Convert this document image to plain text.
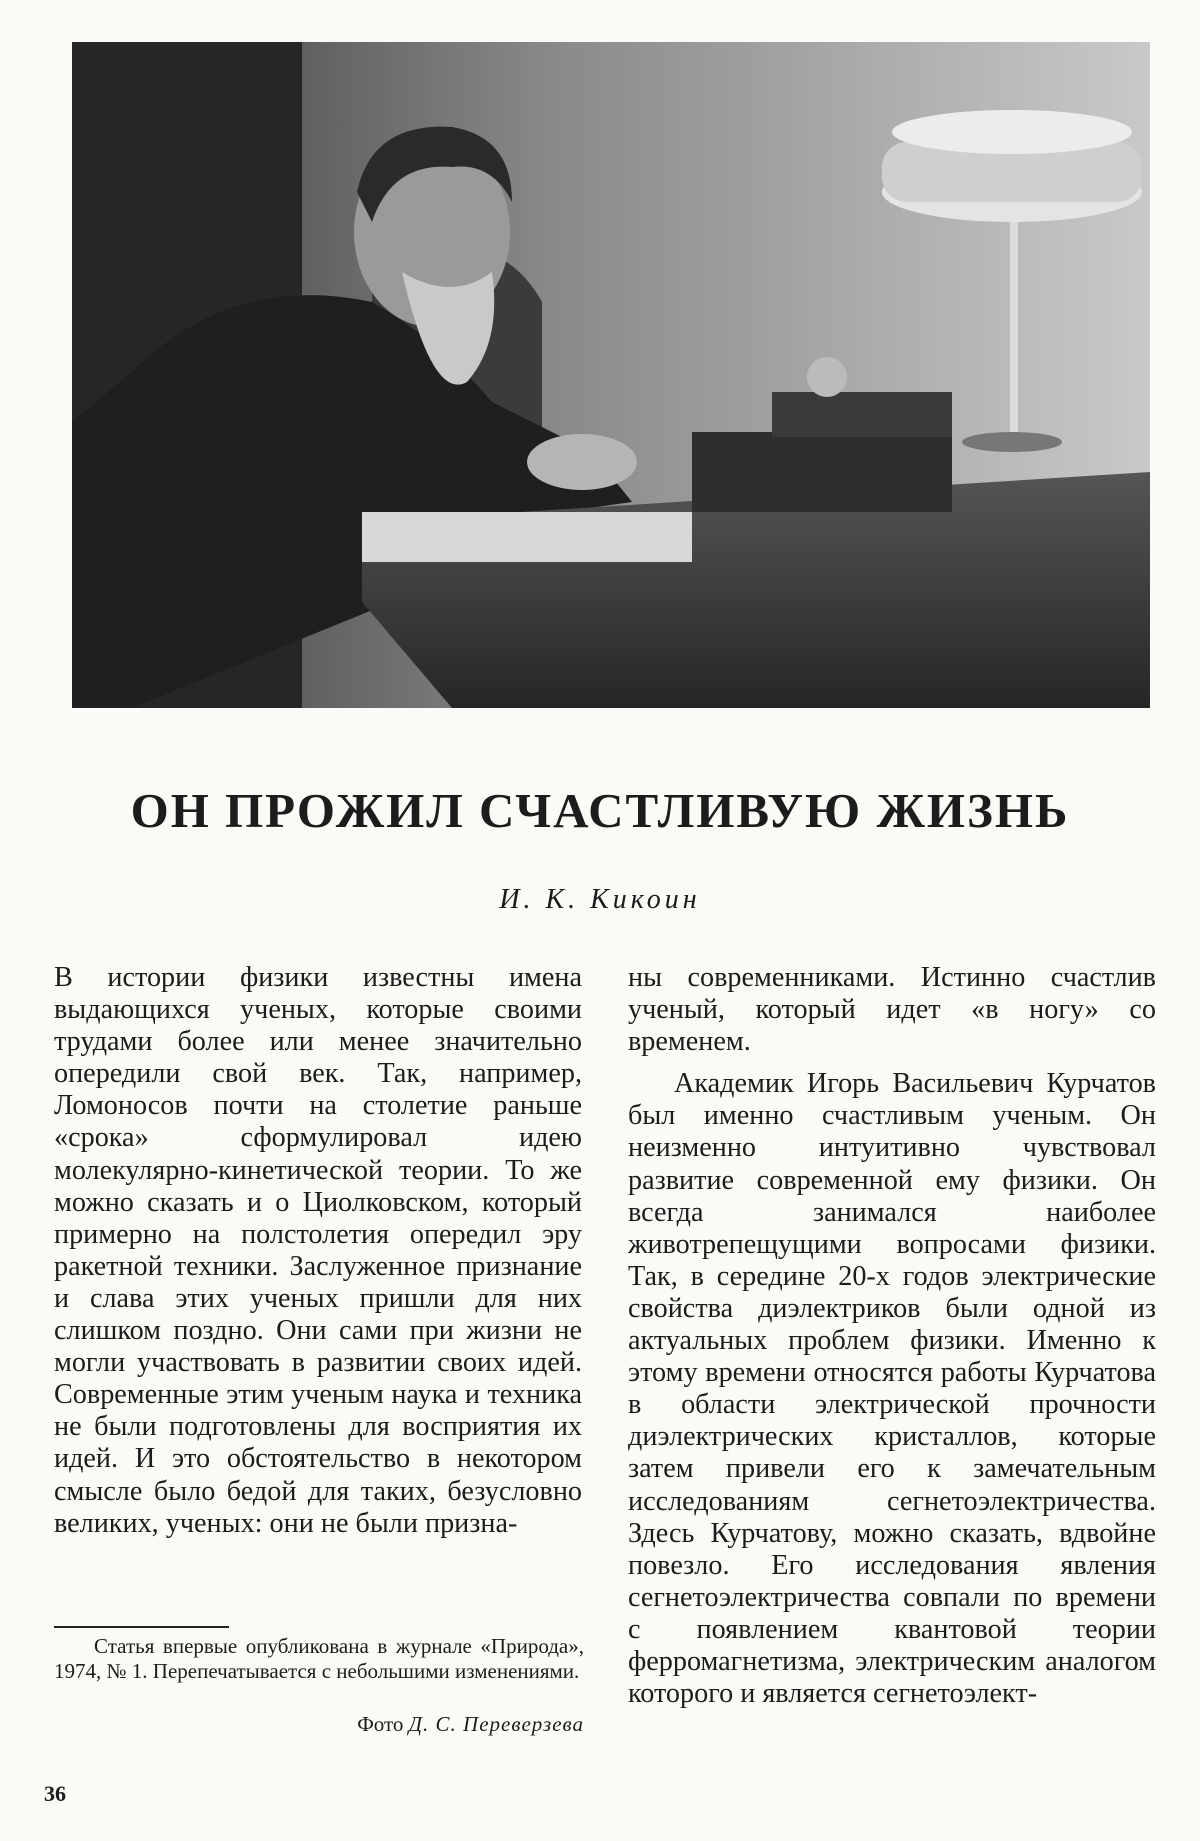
ОН ПРОЖИЛ СЧАСТЛИВУЮ ЖИЗНЬ
И. К. Кикоин

В истории физики известны имена выдающихся ученых, которые своими трудами более или менее значительно опередили свой век. Так, например, Ломоносов почти на столетие раньше «срока» сформулировал идею молекулярно-кинетической теории. То же можно сказать и о Циолковском, который примерно на полстолетия опередил эру ракетной техники. Заслуженное признание и слава этих ученых пришли для них слишком поздно. Они сами при жизни не могли участвовать в развитии своих идей. Современные этим ученым наука и техника не были подготовлены для восприятия их идей. И это обстоятельство в некотором смысле было бедой для таких, безусловно великих, ученых: они не были призна-

ны современниками. Истинно счастлив ученый, который идет «в ногу» со временем.

Академик Игорь Васильевич Курчатов был именно счастливым ученым. Он неизменно интуитивно чувствовал развитие современной ему физики. Он всегда занимался наиболее животрепещущими вопросами физики. Так, в середине 20-х годов электрические свойства диэлектриков были одной из актуальных проблем физики. Именно к этому времени относятся работы Курчатова в области электрической прочности диэлектрических кристаллов, которые затем привели его к замечательным исследованиям сегнетоэлектричества. Здесь Курчатову, можно сказать, вдвойне повезло. Его исследования явления сегнетоэлектричества совпали по времени с появлением квантовой теории ферромагнетизма, электрическим аналогом которого и является сегнетоэлект-

Статья впервые опубликована в журнале «Природа», 1974, № 1. Перепечатывается с небольшими изменениями.

Фото Д. С. Переверзева
36
